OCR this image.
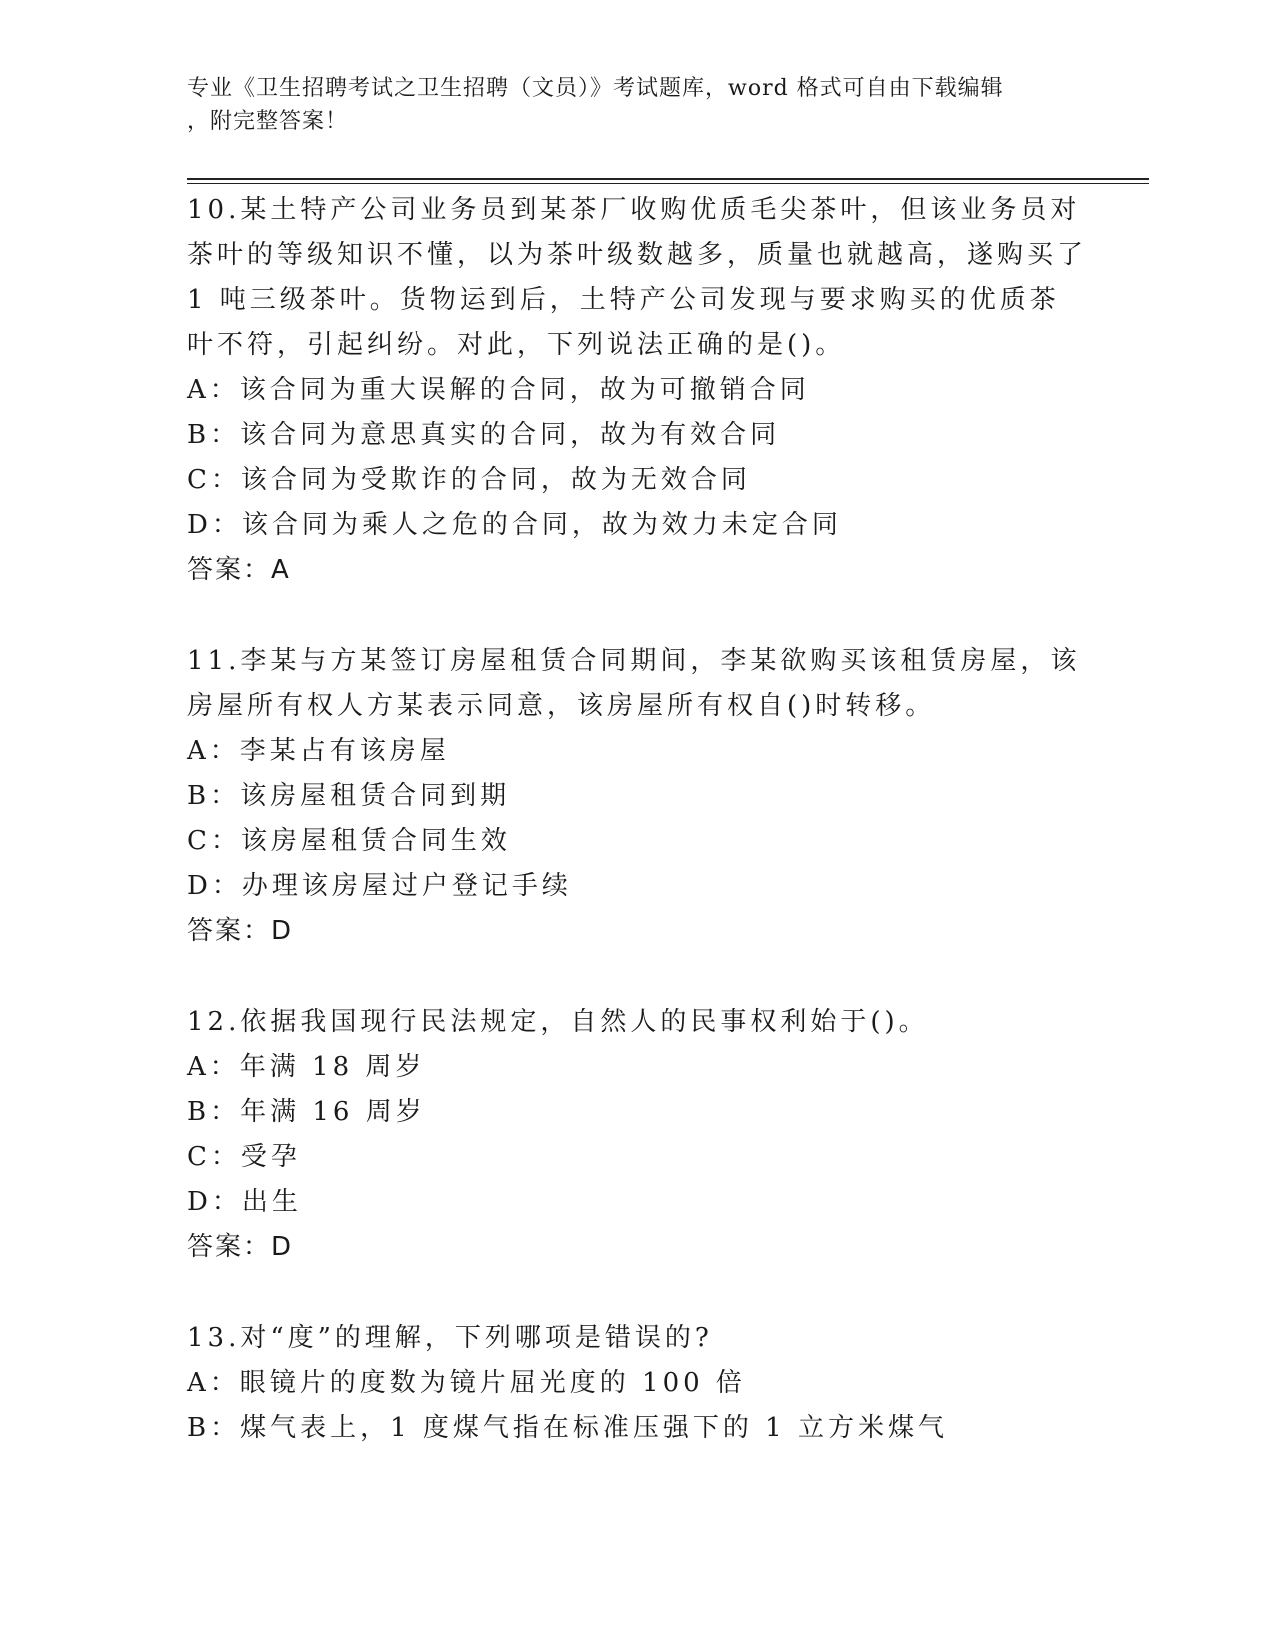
专业《卫生招聘考试之卫生招聘（文员）》考试题库，word 格式可自由下载编辑
，附完整答案！

10.某土特产公司业务员到某茶厂收购优质毛尖茶叶，但该业务员对茶叶的等级知识不懂，以为茶叶级数越多，质量也就越高，遂购买了 1 吨三级茶叶。货物运到后，土特产公司发现与要求购买的优质茶叶不符，引起纠纷。对此，下列说法正确的是()。

A：该合同为重大误解的合同，故为可撤销合同

B：该合同为意思真实的合同，故为有效合同

C：该合同为受欺诈的合同，故为无效合同

D：该合同为乘人之危的合同，故为效力未定合同

答案：A

11.李某与方某签订房屋租赁合同期间，李某欲购买该租赁房屋，该房屋所有权人方某表示同意，该房屋所有权自()时转移。

A：李某占有该房屋

B：该房屋租赁合同到期

C：该房屋租赁合同生效

D：办理该房屋过户登记手续

答案：D

12.依据我国现行民法规定，自然人的民事权利始于()。

A：年满 18 周岁

B：年满 16 周岁

C：受孕

D：出生

答案：D

13.对“度”的理解，下列哪项是错误的?

A：眼镜片的度数为镜片屈光度的 100 倍

B：煤气表上，1 度煤气指在标准压强下的 1 立方米煤气
